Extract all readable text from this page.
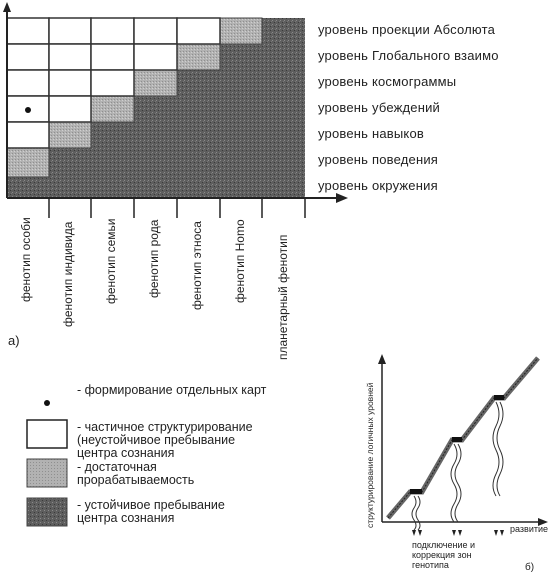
уровень проекции Абсолюта
уровень Глобального взаимо
уровень космограммы
уровень убеждений
уровень навыков
уровень поведения
уровень окружения
фенотип особи фенотип индивида фенотип семьи фенотип рода фенотип этноса фенотип Homo планетарный фенотип
а)
- формирование отдельных карт
- частичное структурирование (неустойчивое пребывание центра сознания
- достаточная прорабатываемость
- устойчивое пребывание центра сознания	структурирование логичных уровней
развитие
подключение и коррекция зон генотипа	б)
